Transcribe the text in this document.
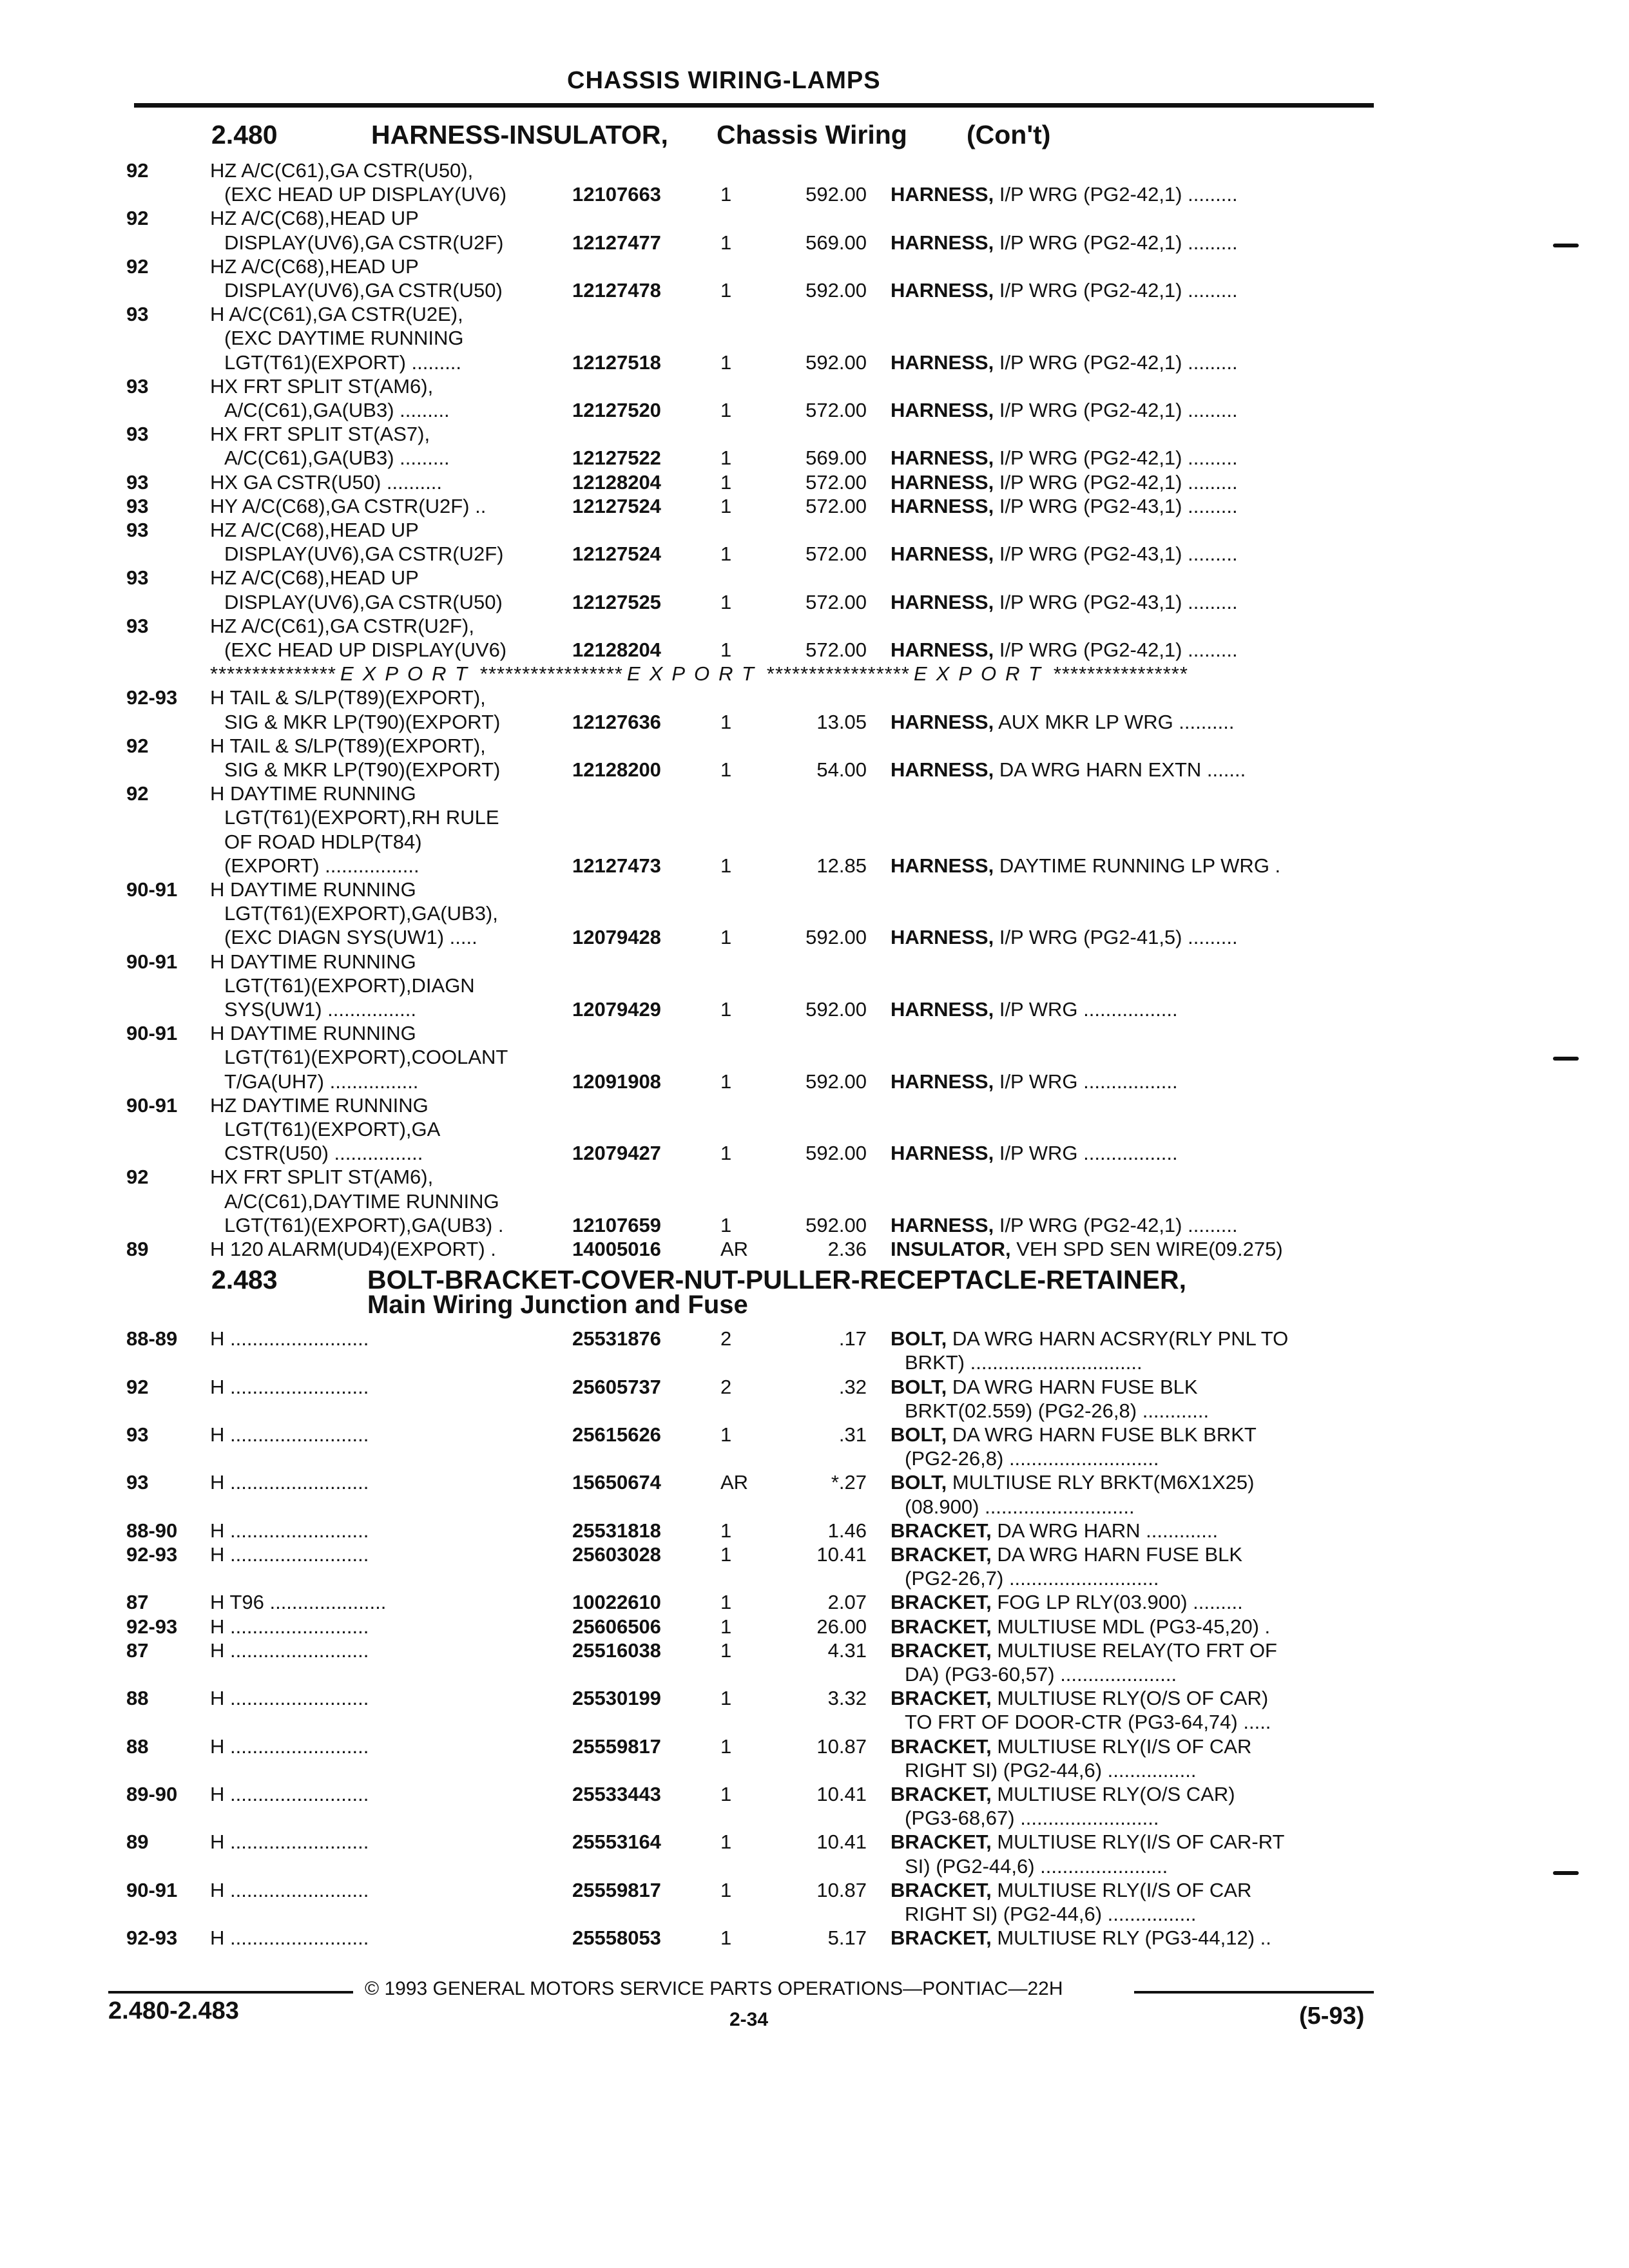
CHASSIS WIRING-LAMPS
2.480	HARNESS-INSULATOR, Chassis Wiring (Con't)
92	HZ A/C(C61),GA CSTR(U50),
(EXC HEAD UP DISPLAY(UV6)	12107663	1	592.00 HARNESS, I/P WRG (PG2-42,1) .........
92	HZ A/C(C68),HEAD UP
DISPLAY(UV6),GA CSTR(U2F)	12127477	1	569.00 HARNESS, I/P WRG (PG2-42,1) .........
92	HZ A/C(C68),HEAD UP
DISPLAY(UV6),GA CSTR(U50)	12127478	1	592.00 HARNESS, I/P WRG (PG2-42,1) .........
93	H A/C(C61),GA CSTR(U2E),
(EXC DAYTIME RUNNING
LGT(T61)(EXPORT) .........	12127518	1	592.00 HARNESS, I/P WRG (PG2-42,1) .........
93	HX FRT SPLIT ST(AM6),
A/C(C61),GA(UB3) .........	12127520	1	572.00 HARNESS, I/P WRG (PG2-42,1) .........
93	HX FRT SPLIT ST(AS7),
A/C(C61),GA(UB3) .........	12127522	1	569.00 HARNESS, I/P WRG (PG2-42,1) .........
93	HX GA CSTR(U50) ..........	12128204	1	572.00 HARNESS, I/P WRG (PG2-42,1) .........
93	HY A/C(C68),GA CSTR(U2F) ..	12127524	1	572.00 HARNESS, I/P WRG (PG2-43,1) .........
93	HZ A/C(C68),HEAD UP
DISPLAY(UV6),GA CSTR(U2F)	12127524	1	572.00 HARNESS, I/P WRG (PG2-43,1) .........
93	HZ A/C(C68),HEAD UP
DISPLAY(UV6),GA CSTR(U50)	12127525	1	572.00 HARNESS, I/P WRG (PG2-43,1) .........
93	HZ A/C(C61),GA CSTR(U2F),
(EXC HEAD UP DISPLAY(UV6)	12128204	1	572.00 HARNESS, I/P WRG (PG2-42,1) .........
*************** EXPORT ***************** EXPORT ***************** EXPORT ****************
92-93 H TAIL & S/LP(T89)(EXPORT),
SIG & MKR LP(T90)(EXPORT)	12127636	1	13.05 HARNESS, AUX MKR LP WRG ..........
92	H TAIL & S/LP(T89)(EXPORT),
SIG & MKR LP(T90)(EXPORT)	12128200	1	54.00 HARNESS, DA WRG HARN EXTN .......
92	H DAYTIME RUNNING
LGT(T61)(EXPORT),RH RULE
OF ROAD HDLP(T84)
(EXPORT) .................	12127473	1	12.85 HARNESS, DAYTIME RUNNING LP WRG .
90-91 H DAYTIME RUNNING
LGT(T61)(EXPORT),GA(UB3),
(EXC DIAGN SYS(UW1) .....	12079428	1	592.00 HARNESS, I/P WRG (PG2-41,5) .........
90-91 H DAYTIME RUNNING
LGT(T61)(EXPORT),DIAGN
SYS(UW1) ................	12079429	1	592.00 HARNESS, I/P WRG .................
90-91 H DAYTIME RUNNING
LGT(T61)(EXPORT),COOLANT
T/GA(UH7) ................	12091908	1	592.00 HARNESS, I/P WRG .................
90-91 HZ DAYTIME RUNNING
LGT(T61)(EXPORT),GA
CSTR(U50) ................	12079427	1	592.00 HARNESS, I/P WRG .................
92	HX FRT SPLIT ST(AM6),
A/C(C61),DAYTIME RUNNING
LGT(T61)(EXPORT),GA(UB3) .	12107659	1	592.00 HARNESS, I/P WRG (PG2-42,1) .........
89	H 120 ALARM(UD4)(EXPORT) .	14005016	AR	2.36 INSULATOR, VEH SPD SEN WIRE(09.275)
88-89 H .........................	25531876	2	.17 BOLT, DA WRG HARN ACSRY(RLY PNL TO
BRKT) ...............................
92	H .........................	25605737	2	.32 BOLT, DA WRG HARN FUSE BLK
BRKT(02.559) (PG2-26,8) ............
93	H .........................	25615626	1	.31 BOLT, DA WRG HARN FUSE BLK BRKT
(PG2-26,8) ...........................
93	H .........................	15650674	AR	*.27 BOLT, MULTIUSE RLY BRKT(M6X1X25)
(08.900) ...........................
88-90 H .........................	25531818	1	1.46 BRACKET, DA WRG HARN .............
92-93 H .........................	25603028	1	10.41 BRACKET, DA WRG HARN FUSE BLK
(PG2-26,7) ...........................
87	H T96 .....................	10022610	1	2.07 BRACKET, FOG LP RLY(03.900) .........
92-93 H .........................	25606506	1	26.00 BRACKET, MULTIUSE MDL (PG3-45,20) .
87	H .........................	25516038	1	4.31 BRACKET, MULTIUSE RELAY(TO FRT OF
DA) (PG3-60,57) .....................
88	H .........................	25530199	1	3.32 BRACKET, MULTIUSE RLY(O/S OF CAR)
TO FRT OF DOOR-CTR (PG3-64,74) .....
88	H .........................	25559817	1	10.87 BRACKET, MULTIUSE RLY(I/S OF CAR
RIGHT SI) (PG2-44,6) ................
89-90 H .........................	25533443	1	10.41 BRACKET, MULTIUSE RLY(O/S CAR)
(PG3-68,67) .........................
89	H .........................	25553164	1	10.41 BRACKET, MULTIUSE RLY(I/S OF CAR-RT
SI) (PG2-44,6) .......................
90-91 H .........................	25559817	1	10.87 BRACKET, MULTIUSE RLY(I/S OF CAR
RIGHT SI) (PG2-44,6) ................
92-93 H .........................	25558053	1	5.17 BRACKET, MULTIUSE RLY (PG3-44,12) ..
2.483	BOLT-BRACKET-COVER-NUT-PULLER-RECEPTACLE-RETAINER,
Main Wiring Junction and Fuse
© 1993 GENERAL MOTORS SERVICE PARTS OPERATIONS—PONTIAC—22H
2.480-2.483	2-34	(5-93)
